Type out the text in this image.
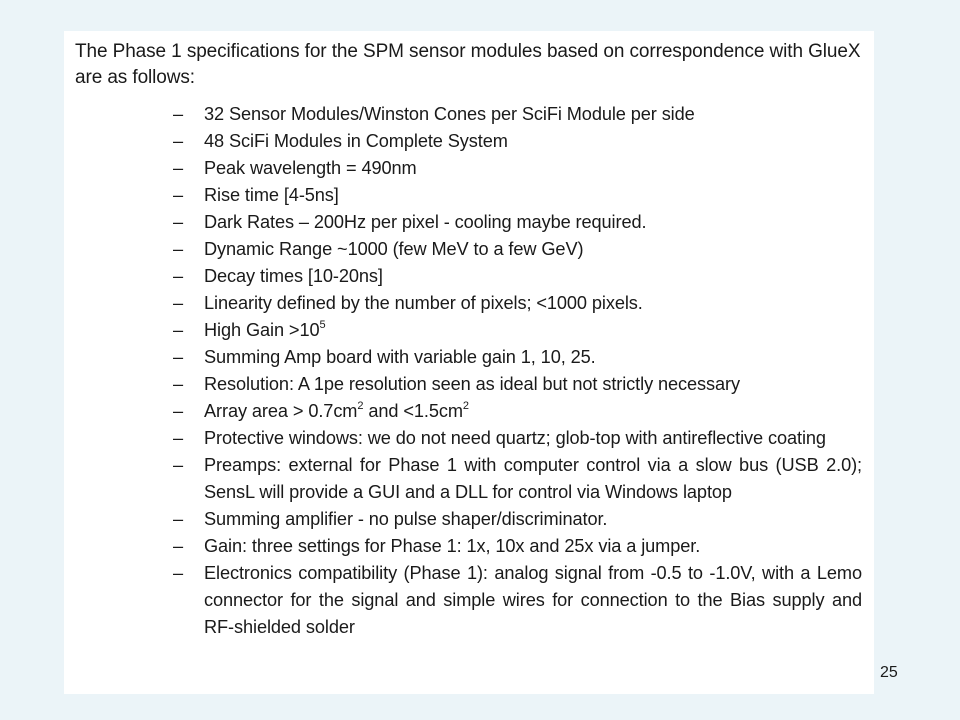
The Phase 1 specifications for the SPM sensor modules based on correspondence with GlueX are as follows:

– 32 Sensor Modules/Winston Cones per SciFi Module per side
– 48 SciFi Modules in Complete System
– Peak wavelength = 490nm
– Rise time [4-5ns]
– Dark Rates – 200Hz per pixel - cooling maybe required.
– Dynamic Range ~1000 (few MeV to a few GeV)
– Decay times [10-20ns]
– Linearity defined by the number of pixels; <1000 pixels.
– High Gain $>10^5$
– Summing Amp board with variable gain 1, 10, 25.
– Resolution: A 1pe resolution seen as ideal but not strictly necessary
– Array area > $0.7cm^2$ and $<1.5cm^2$
– Protective windows: we do not need quartz; glob-top with antireflective coating
– Preamps: external for Phase 1 with computer control via a slow bus (USB 2.0); SensL will provide a GUI and a DLL for control via Windows laptop
– Summing amplifier - no pulse shaper/discriminator.
– Gain: three settings for Phase 1: 1x, 10x and 25x via a jumper.
– Electronics compatibility (Phase 1): analog signal from -0.5 to -1.0V, with a Lemo connector for the signal and simple wires for connection to the Bias supply and RF-shielded solder
25
